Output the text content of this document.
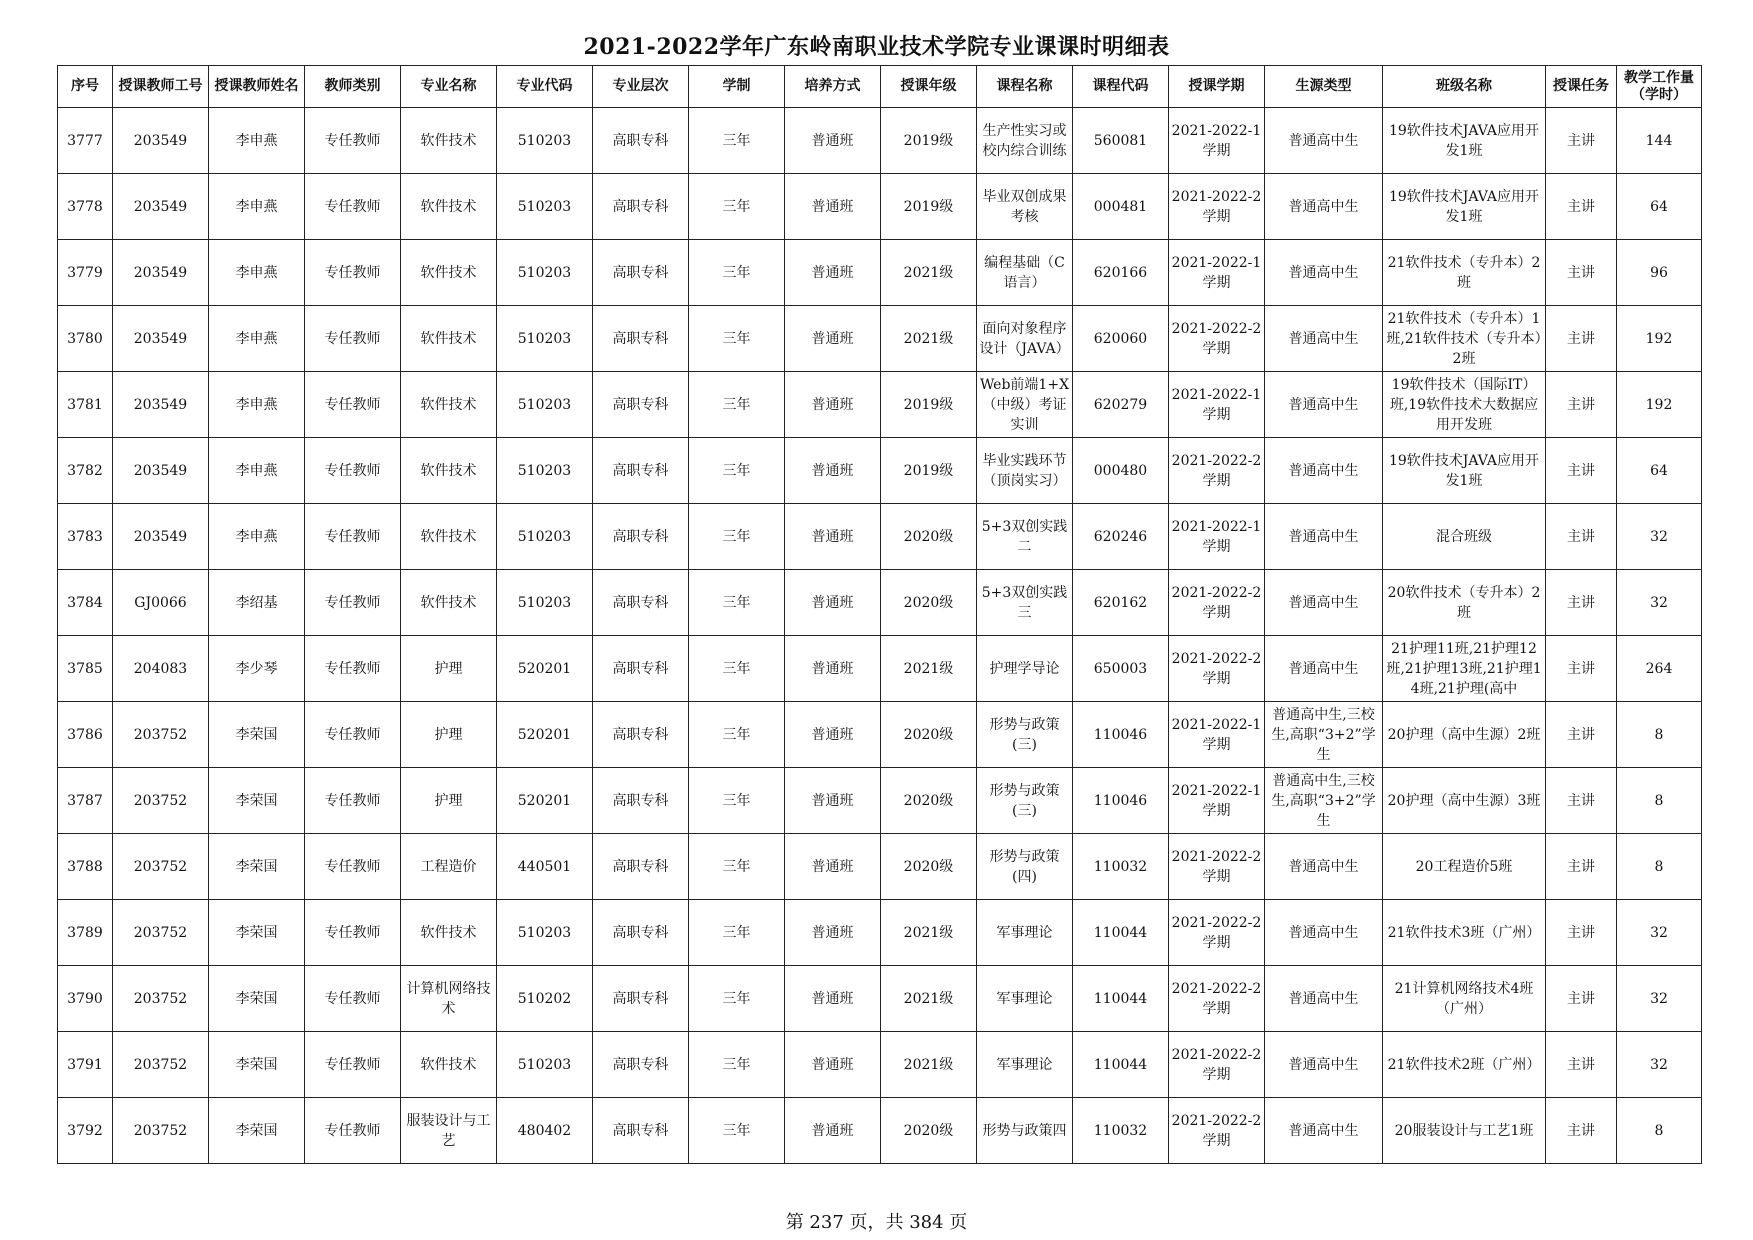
2021-2022学年广东岭南职业技术学院专业课课时明细表
序号	授课教师工号	授课教师姓名	教师类别	专业名称	专业代码	专业层次	学制	培养方式	授课年级	课程名称	课程代码	授课学期	生源类型	班级名称	授课任务	教学工作量（学时）

3777	203549	李申燕	专任教师	软件技术	510203	高职专科	三年	普通班	2019级	生产性实习或校内综合训练	560081	2021-2022-1学期	普通高中生	19软件技术JAVA应用开发1班	主讲	144

3778	203549	李申燕	专任教师	软件技术	510203	高职专科	三年	普通班	2019级	毕业双创成果考核	000481	2021-2022-2学期	普通高中生	19软件技术JAVA应用开发1班	主讲	64

3779	203549	李申燕	专任教师	软件技术	510203	高职专科	三年	普通班	2021级	编程基础（C语言）	620166	2021-2022-1学期	普通高中生	21软件技术（专升本）2班	主讲	96

3780	203549	李申燕	专任教师	软件技术	510203	高职专科	三年	普通班	2021级	面向对象程序设计（JAVA）	620060	2021-2022-2学期	普通高中生	21软件技术（专升本）1班,21软件技术（专升本）2班	主讲	192

3781	203549	李申燕	专任教师	软件技术	510203	高职专科	三年	普通班	2019级	Web前端1+X（中级）考证实训	620279	2021-2022-1学期	普通高中生	19软件技术（国际IT）班,19软件技术大数据应用开发班	主讲	192

3782	203549	李申燕	专任教师	软件技术	510203	高职专科	三年	普通班	2019级	毕业实践环节（顶岗实习）	000480	2021-2022-2学期	普通高中生	19软件技术JAVA应用开发1班	主讲	64

3783	203549	李申燕	专任教师	软件技术	510203	高职专科	三年	普通班	2020级	5+3双创实践二	620246	2021-2022-1学期	普通高中生	混合班级	主讲	32

3784	GJ0066	李绍基	专任教师	软件技术	510203	高职专科	三年	普通班	2020级	5+3双创实践三	620162	2021-2022-2学期	普通高中生	20软件技术（专升本）2班	主讲	32

3785	204083	李少琴	专任教师	护理	520201	高职专科	三年	普通班	2021级	护理学导论	650003	2021-2022-2学期	普通高中生	21护理11班,21护理12班,21护理13班,21护理14班,21护理(高中	主讲	264

3786	203752	李荣国	专任教师	护理	520201	高职专科	三年	普通班	2020级	形势与政策(三)	110046	2021-2022-1学期	普通高中生,三校生,高职“3+2”学生	20护理（高中生源）2班	主讲	8

3787	203752	李荣国	专任教师	护理	520201	高职专科	三年	普通班	2020级	形势与政策(三)	110046	2021-2022-1学期	普通高中生,三校生,高职“3+2”学生	20护理（高中生源）3班	主讲	8

3788	203752	李荣国	专任教师	工程造价	440501	高职专科	三年	普通班	2020级	形势与政策(四)	110032	2021-2022-2学期	普通高中生	20工程造价5班	主讲	8

3789	203752	李荣国	专任教师	软件技术	510203	高职专科	三年	普通班	2021级	军事理论	110044	2021-2022-2学期	普通高中生	21软件技术3班（广州）	主讲	32

3790	203752	李荣国	专任教师	计算机网络技术	510202	高职专科	三年	普通班	2021级	军事理论	110044	2021-2022-2学期	普通高中生	21计算机网络技术4班（广州）	主讲	32

3791	203752	李荣国	专任教师	软件技术	510203	高职专科	三年	普通班	2021级	军事理论	110044	2021-2022-2学期	普通高中生	21软件技术2班（广州）	主讲	32

3792	203752	李荣国	专任教师	服装设计与工艺	480402	高职专科	三年	普通班	2020级	形势与政策四	110032	2021-2022-2学期	普通高中生	20服装设计与工艺1班	主讲	8
第 237 页，共 384 页
